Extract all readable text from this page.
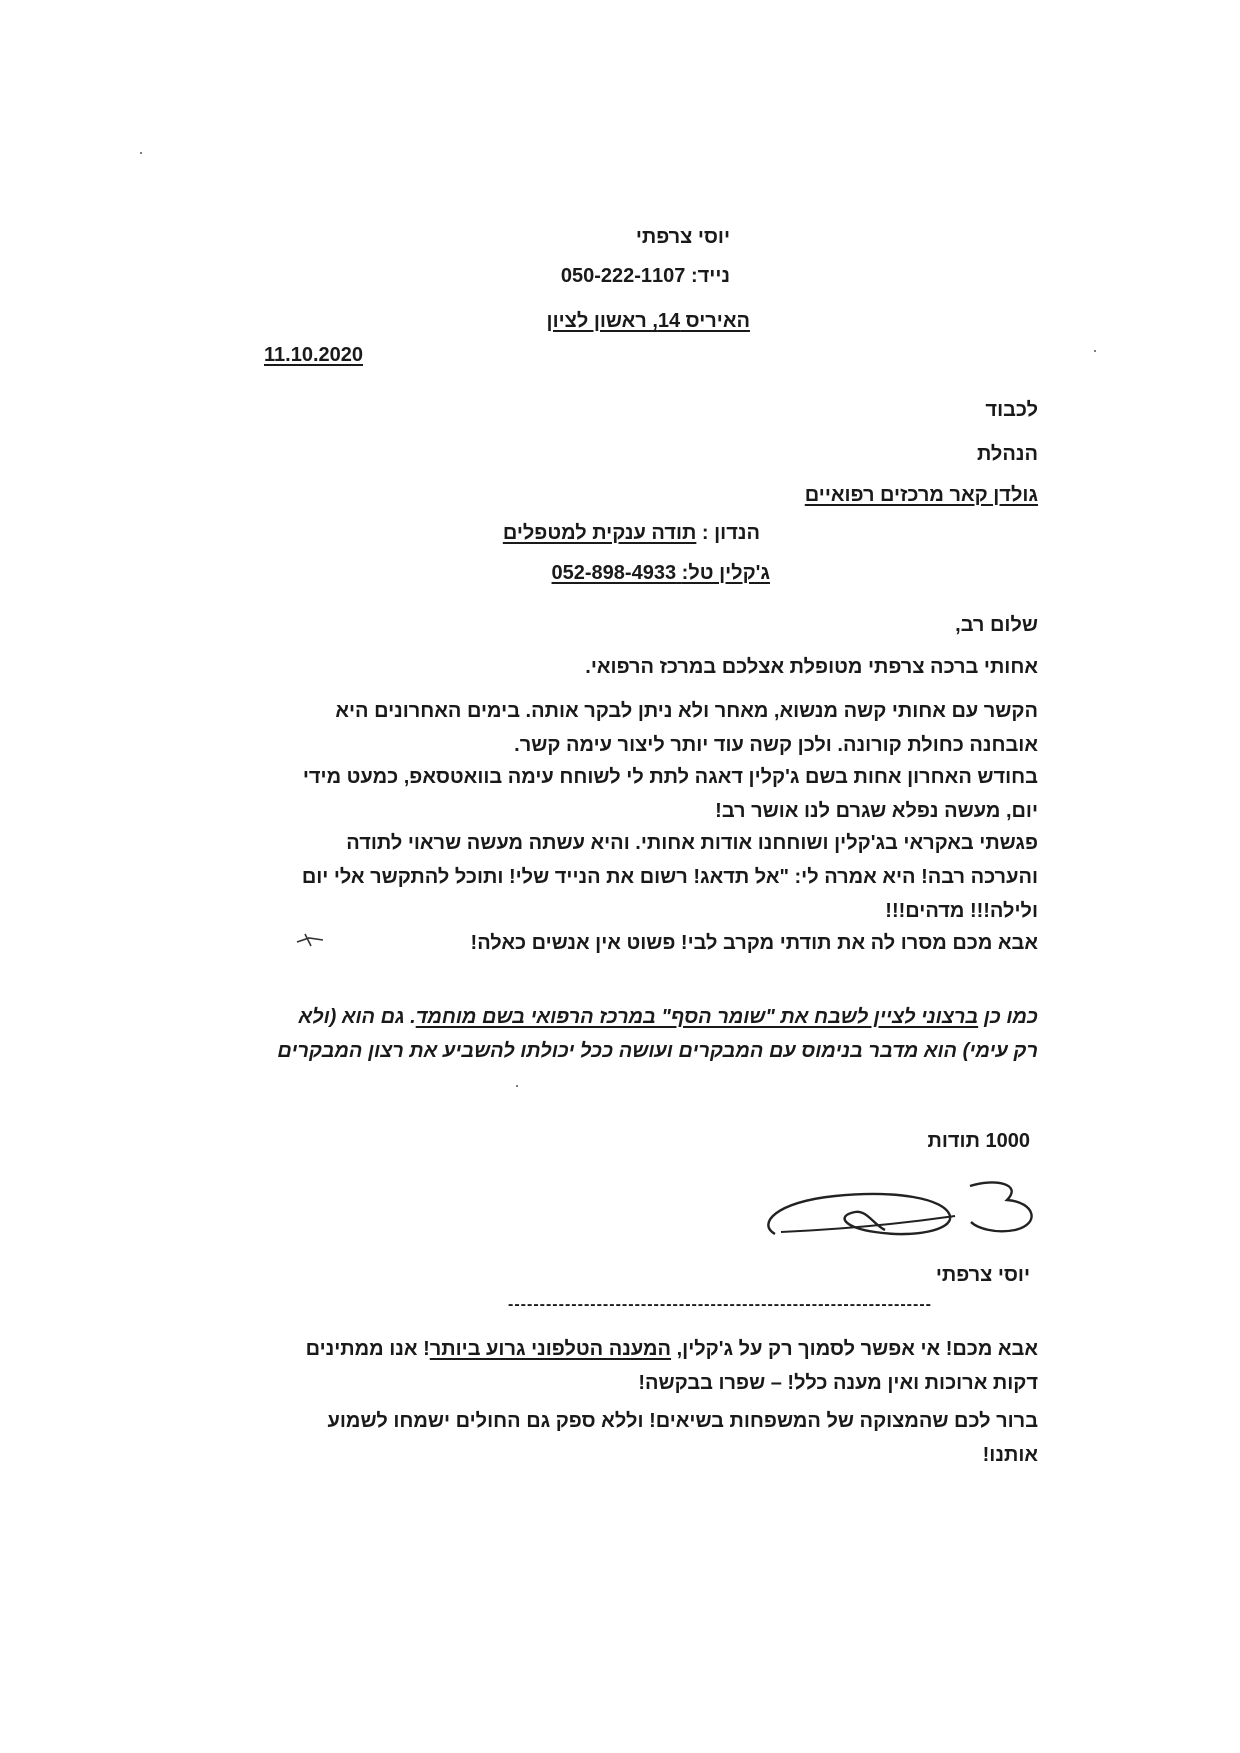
יוסי צרפתי
נייד: 050-222-1107
האיריס 14, ראשון לציון
11.10.2020
לכבוד
הנהלת
גולדן קאר מרכזים רפואיים
הנדון : תודה ענקית למטפלים
ג'קלין טל: 052-898-4933
שלום רב,
אחותי ברכה צרפתי מטופלת אצלכם במרכז הרפואי.
הקשר עם אחותי קשה מנשוא, מאחר ולא ניתן לבקר אותה. בימים האחרונים היא
אובחנה כחולת קורונה. ולכן קשה עוד יותר ליצור עימה קשר.
בחודש האחרון אחות בשם ג'קלין דאגה לתת לי לשוחח עימה בוואטסאפ, כמעט מידי
יום, מעשה נפלא שגרם לנו אושר רב!
פגשתי באקראי בג'קלין ושוחחנו אודות אחותי. והיא עשתה מעשה שראוי לתודה
והערכה רבה! היא אמרה לי: "אל תדאג! רשום את הנייד שלי! ותוכל להתקשר אלי יום
ולילה!!! מדהים!!!
אבא מכם מסרו לה את תודתי מקרב לבי! פשוט אין אנשים כאלה!
כמו כן ברצוני לציין לשבח את "שומר הסף" במרכז הרפואי בשם מוחמד. גם הוא (ולא
רק עימי) הוא מדבר בנימוס עם המבקרים ועושה ככל יכולתו להשביע את רצון המבקרים
1000 תודות
יוסי צרפתי
-------------------------------------------------------------------
אבא מכם! אי אפשר לסמוך רק על ג'קלין, המענה הטלפוני גרוע ביותר! אנו ממתינים
דקות ארוכות ואין מענה כלל! – שפרו בבקשה!
ברור לכם שהמצוקה של המשפחות בשיאים! וללא ספק גם החולים ישמחו לשמוע
אותנו!
